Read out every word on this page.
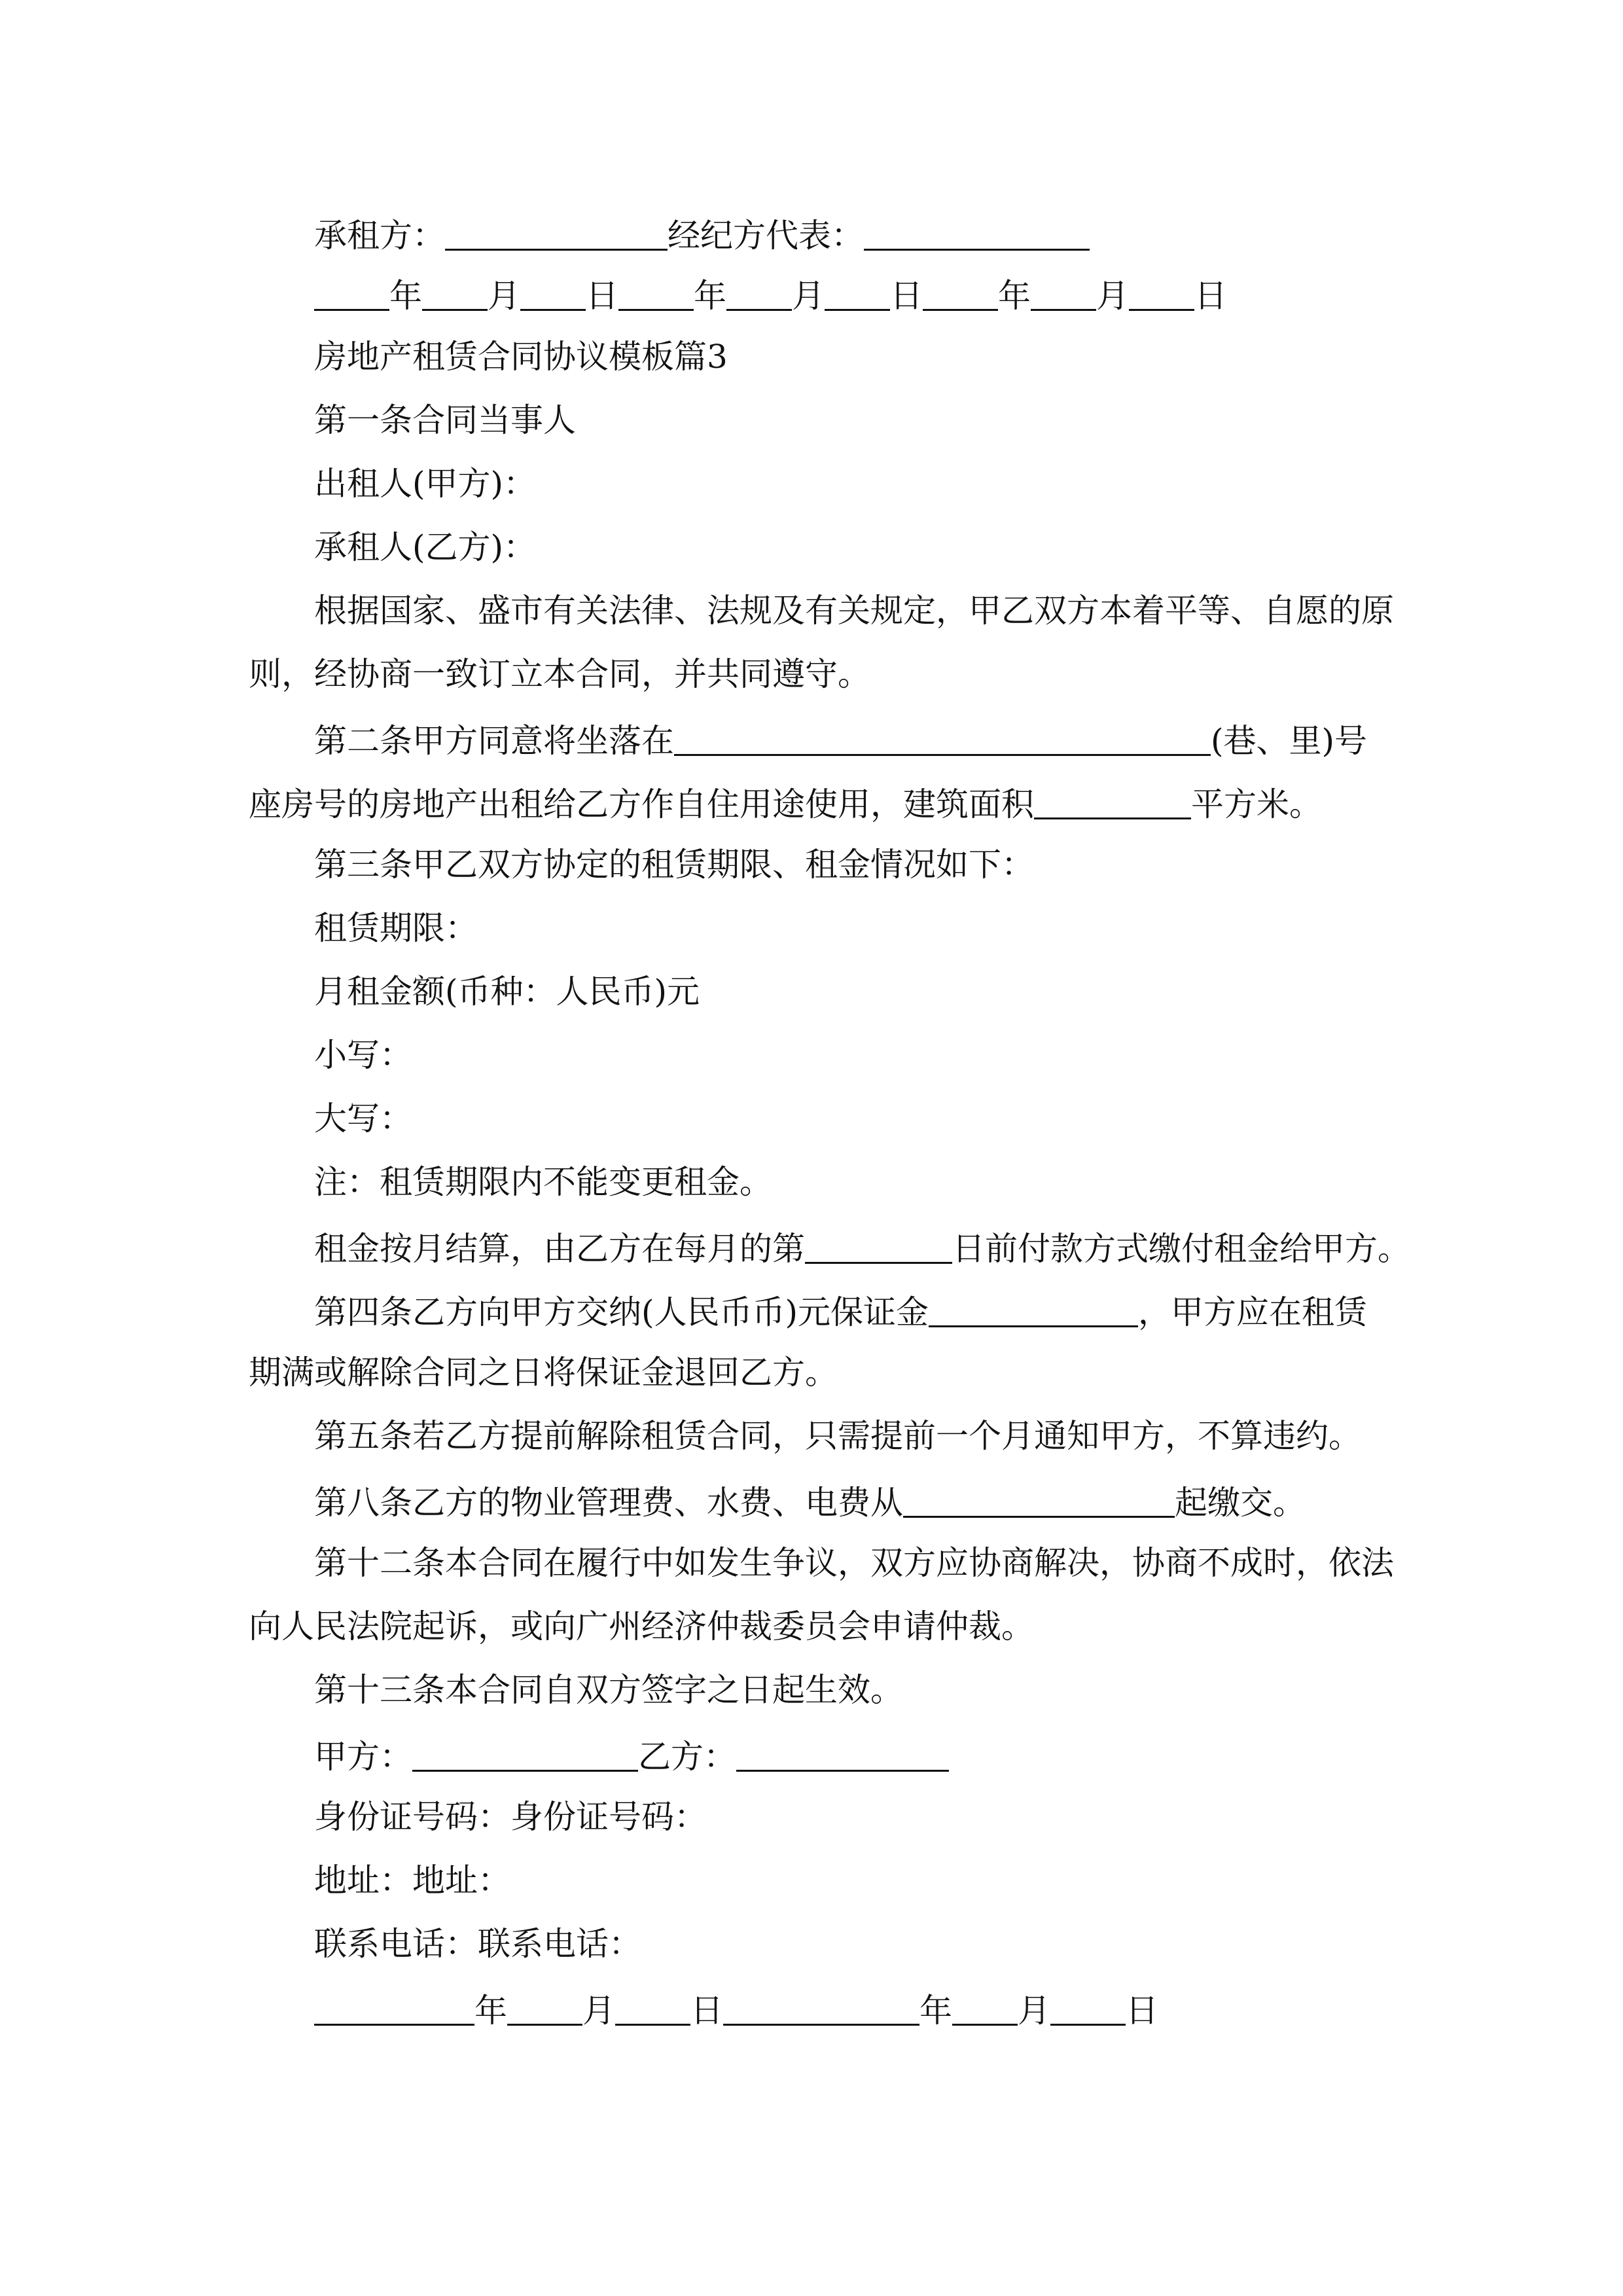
承租方：	经纪方代表：
年 月 日 年 月 日 年 月 日
房地产租赁合同协议模板篇3
第一条合同当事人
出租人(甲方)：
承租人(乙方)：
根据国家、盛市有关法律、法规及有关规定，甲乙双方本着平等、自愿的原
则，经协商一致订立本合同，并共同遵守。
第二条甲方同意将坐落在	(巷、里)号
座房号的房地产出租给乙方作自住用途使用，建筑面积	平方米。
第三条甲乙双方协定的租赁期限、租金情况如下：
租赁期限：
月租金额(币种：人民币)元
小写：
大写：
注：租赁期限内不能变更租金。
租金按月结算，由乙方在每月的第	日前付款方式缴付租金给甲方。
第四条乙方向甲方交纳(人民币币)元保证金	，甲方应在租赁
期满或解除合同之日将保证金退回乙方。
第五条若乙方提前解除租赁合同，只需提前一个月通知甲方，不算违约。
第八条乙方的物业管理费、水费、电费从	起缴交。
第十二条本合同在履行中如发生争议，双方应协商解决，协商不成时，依法
向人民法院起诉，或向广州经济仲裁委员会申请仲裁。
第十三条本合同自双方签字之日起生效。
甲方：	乙方：
身份证号码：身份证号码：
地址：地址：
联系电话：联系电话：
年 月 日	年 月 日
